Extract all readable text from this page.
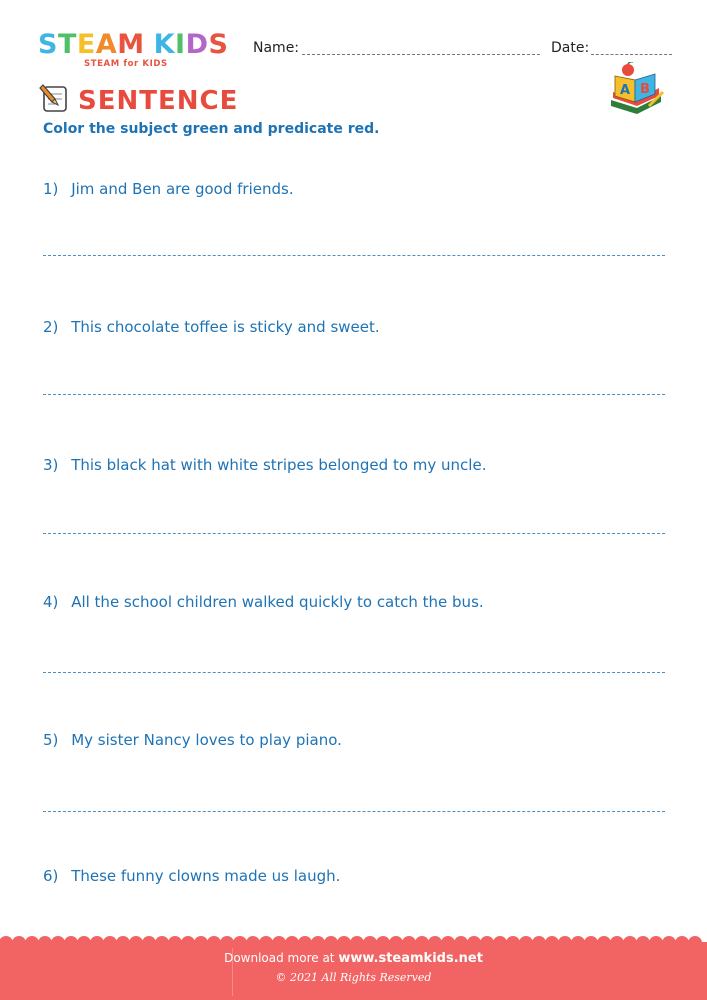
STEAM KIDS
STEAM for KIDS
Name:	Date:
A B
SENTENCE
Color the subject green and predicate red.
1) Jim and Ben are good friends.
2) This chocolate toffee is sticky and sweet.
3) This black hat with white stripes belonged to my uncle.
4) All the school children walked quickly to catch the bus.
5) My sister Nancy loves to play piano.
6) These funny clowns made us laugh.
Download more at www.steamkids.net
© 2021 All Rights Reserved
